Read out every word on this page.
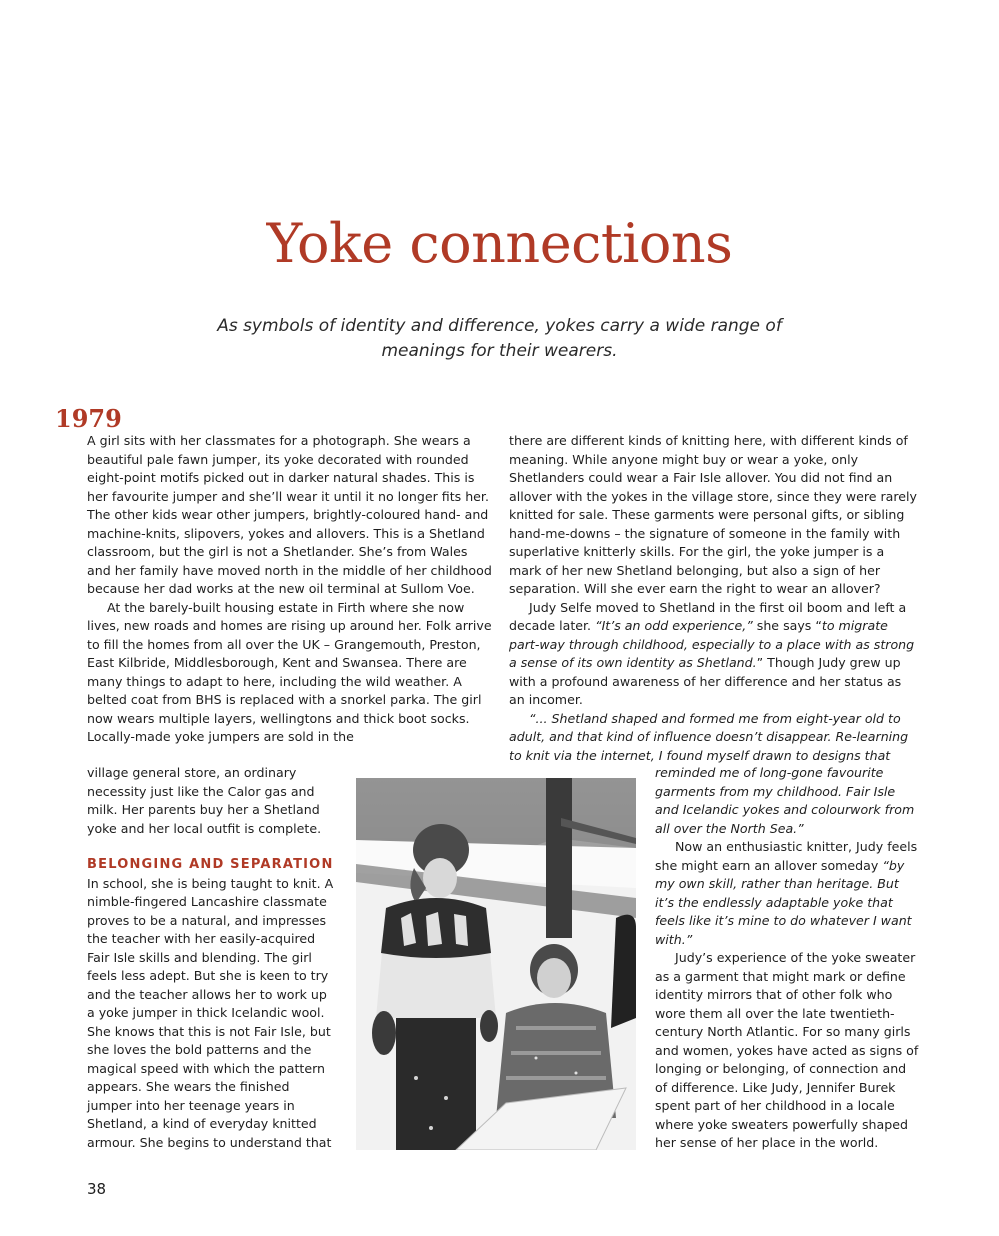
Yoke connections

As symbols of identity and difference, yokes carry a wide range of meanings for their wearers.

1979

A girl sits with her classmates for a photograph. She wears a beautiful pale fawn jumper, its yoke decorated with rounded eight-point motifs picked out in darker natural shades. This is her favourite jumper and she’ll wear it until it no longer fits her. The other kids wear other jumpers, brightly-coloured hand- and machine-knits, slipovers, yokes and allovers. This is a Shetland classroom, but the girl is not a Shetlander. She’s from Wales and her family have moved north in the middle of her childhood because her dad works at the new oil terminal at Sullom Voe.

At the barely-built housing estate in Firth where she now lives, new roads and homes are rising up around her. Folk arrive to fill the homes from all over the UK – Grangemouth, Preston, East Kilbride, Middlesborough, Kent and Swansea. There are many things to adapt to here, including the wild weather. A belted coat from BHS is replaced with a snorkel parka. The girl now wears multiple layers, wellingtons and thick boot socks. Locally-made yoke jumpers are sold in the

village general store, an ordinary necessity just like the Calor gas and milk. Her parents buy her a Shetland yoke and her local outfit is complete.

BELONGING AND SEPARATION

In school, she is being taught to knit. A nimble-fingered Lancashire classmate proves to be a natural, and impresses the teacher with her easily-acquired Fair Isle skills and blending. The girl feels less adept. But she is keen to try and the teacher allows her to work up a yoke jumper in thick Icelandic wool. She knows that this is not Fair Isle, but she loves the bold patterns and the magical speed with which the pattern appears. She wears the finished jumper into her teenage years in Shetland, a kind of everyday knitted armour. She begins to understand that

there are different kinds of knitting here, with different kinds of meaning. While anyone might buy or wear a yoke, only Shetlanders could wear a Fair Isle allover. You did not find an allover with the yokes in the village store, since they were rarely knitted for sale. These garments were personal gifts, or sibling hand-me-downs – the signature of someone in the family with superlative knitterly skills. For the girl, the yoke jumper is a mark of her new Shetland belonging, but also a sign of her separation. Will she ever earn the right to wear an allover?

Judy Selfe moved to Shetland in the first oil boom and left a decade later. “It’s an odd experience,” she says “to migrate part-way through childhood, especially to a place with as strong a sense of its own identity as Shetland.” Though Judy grew up with a profound awareness of her difference and her status as an incomer.

“... Shetland shaped and formed me from eight-year old to adult, and that kind of influence doesn’t disappear. Re-learning to knit via the internet, I found myself drawn to designs that

reminded me of long-gone favourite garments from my childhood. Fair Isle and Icelandic yokes and colourwork from all over the North Sea.”

Now an enthusiastic knitter, Judy feels she might earn an allover someday “by my own skill, rather than heritage. But it’s the endlessly adaptable yoke that feels like it’s mine to do whatever I want with.”

Judy’s experience of the yoke sweater as a garment that might mark or define identity mirrors that of other folk who wore them all over the late twentieth-century North Atlantic. For so many girls and women, yokes have acted as signs of longing or belonging, of connection and of difference. Like Judy, Jennifer Burek spent part of her childhood in a locale where yoke sweaters powerfully shaped her sense of her place in the world.

38
